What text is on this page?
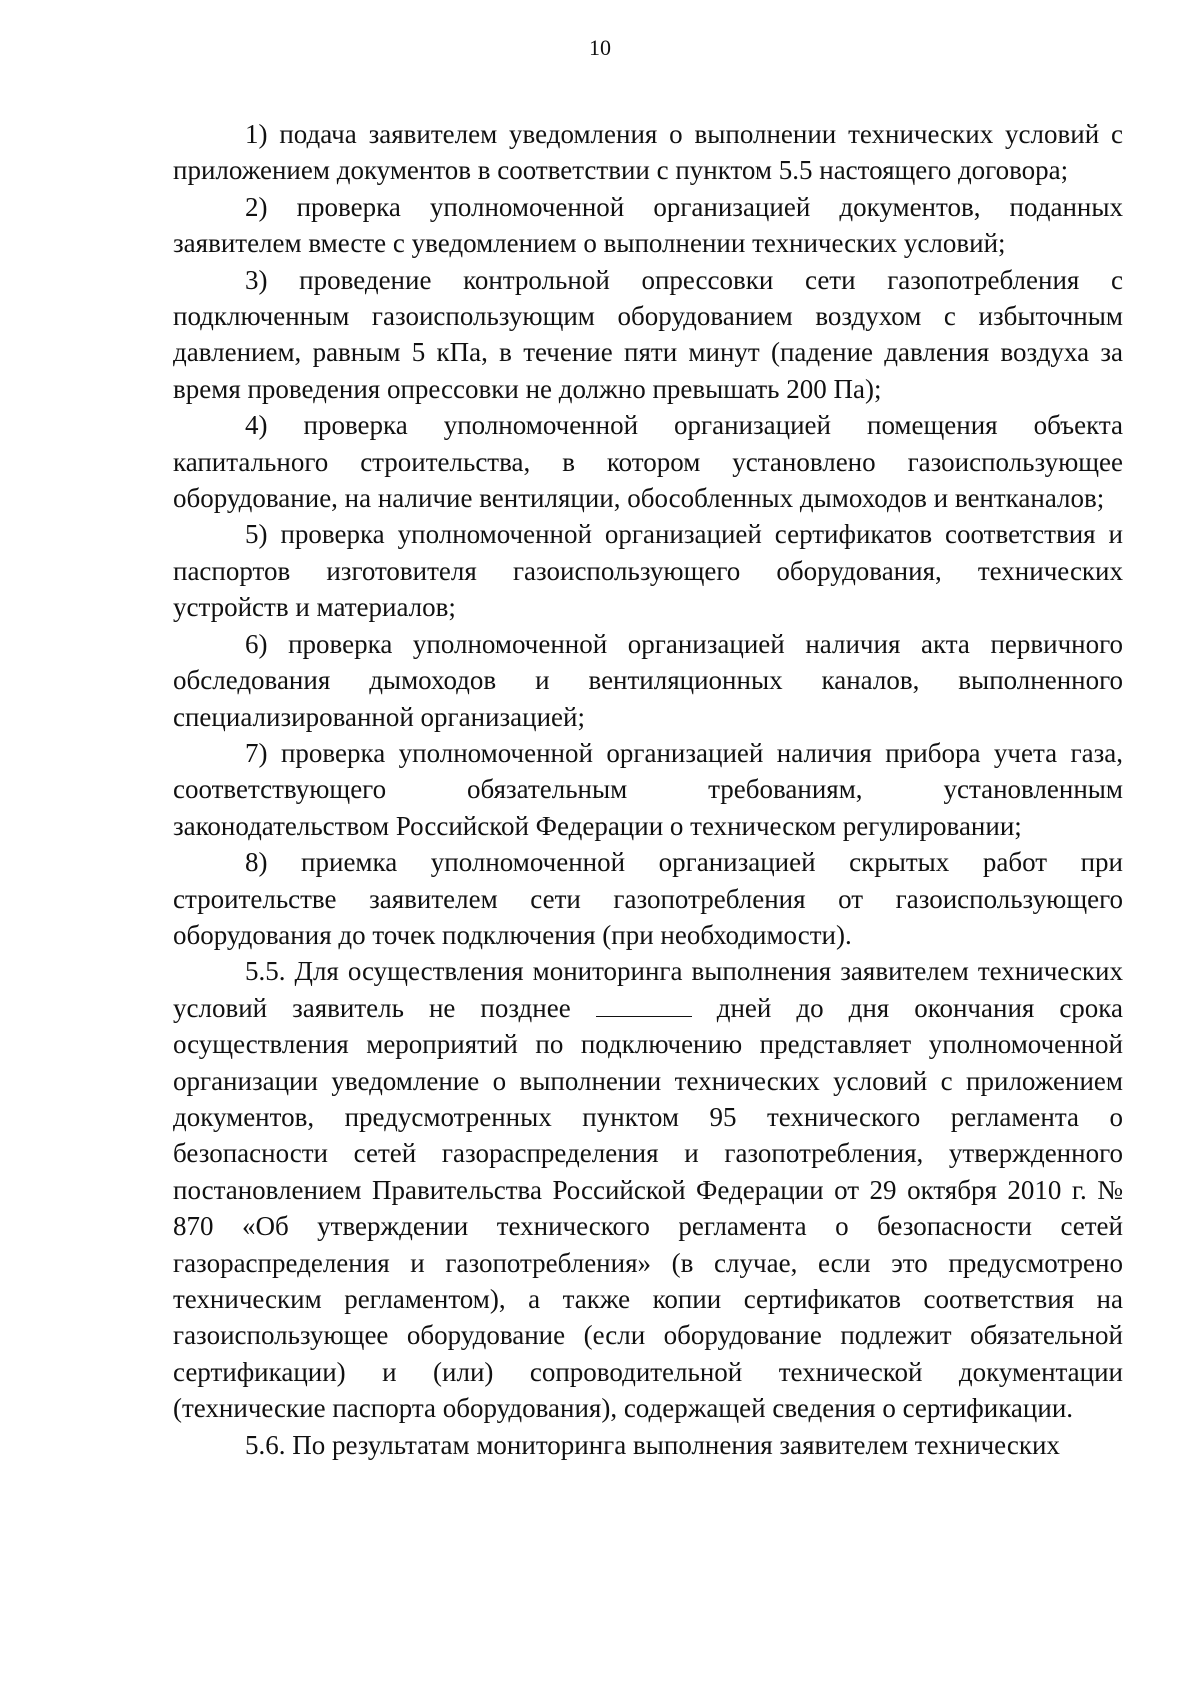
10

1) подача заявителем уведомления о выполнении технических условий с приложением документов в соответствии с пунктом 5.5 настоящего договора;

2) проверка уполномоченной организацией документов, поданных заявителем вместе с уведомлением о выполнении технических условий;

3) проведение контрольной опрессовки сети газопотребления с подключенным газоиспользующим оборудованием воздухом с избыточным давлением, равным 5 кПа, в течение пяти минут (падение давления воздуха за время проведения опрессовки не должно превышать 200 Па);

4) проверка уполномоченной организацией помещения объекта капитального строительства, в котором установлено газоиспользующее оборудование, на наличие вентиляции, обособленных дымоходов и вентканалов;

5) проверка уполномоченной организацией сертификатов соответствия и паспортов изготовителя газоиспользующего оборудования, технических устройств и материалов;

6) проверка уполномоченной организацией наличия акта первичного обследования дымоходов и вентиляционных каналов, выполненного специализированной организацией;

7) проверка уполномоченной организацией наличия прибора учета газа, соответствующего обязательным требованиям, установленным законодательством Российской Федерации о техническом регулировании;

8) приемка уполномоченной организацией скрытых работ при строительстве заявителем сети газопотребления от газоиспользующего оборудования до точек подключения (при необходимости).

5.5. Для осуществления мониторинга выполнения заявителем технических условий заявитель не позднее	дней до дня окончания срока осуществления мероприятий по подключению представляет уполномоченной организации уведомление о выполнении технических условий с приложением документов, предусмотренных пунктом 95 технического регламента о безопасности сетей газораспределения и газопотребления, утвержденного постановлением Правительства Российской Федерации от 29 октября 2010 г. № 870 «Об утверждении технического регламента о безопасности сетей газораспределения и газопотребления» (в случае, если это предусмотрено техническим регламентом), а также копии сертификатов соответствия на газоиспользующее оборудование (если оборудование подлежит обязательной сертификации) и (или) сопроводительной технической документации (технические паспорта оборудования), содержащей сведения о сертификации.

5.6. По результатам мониторинга выполнения заявителем технических
